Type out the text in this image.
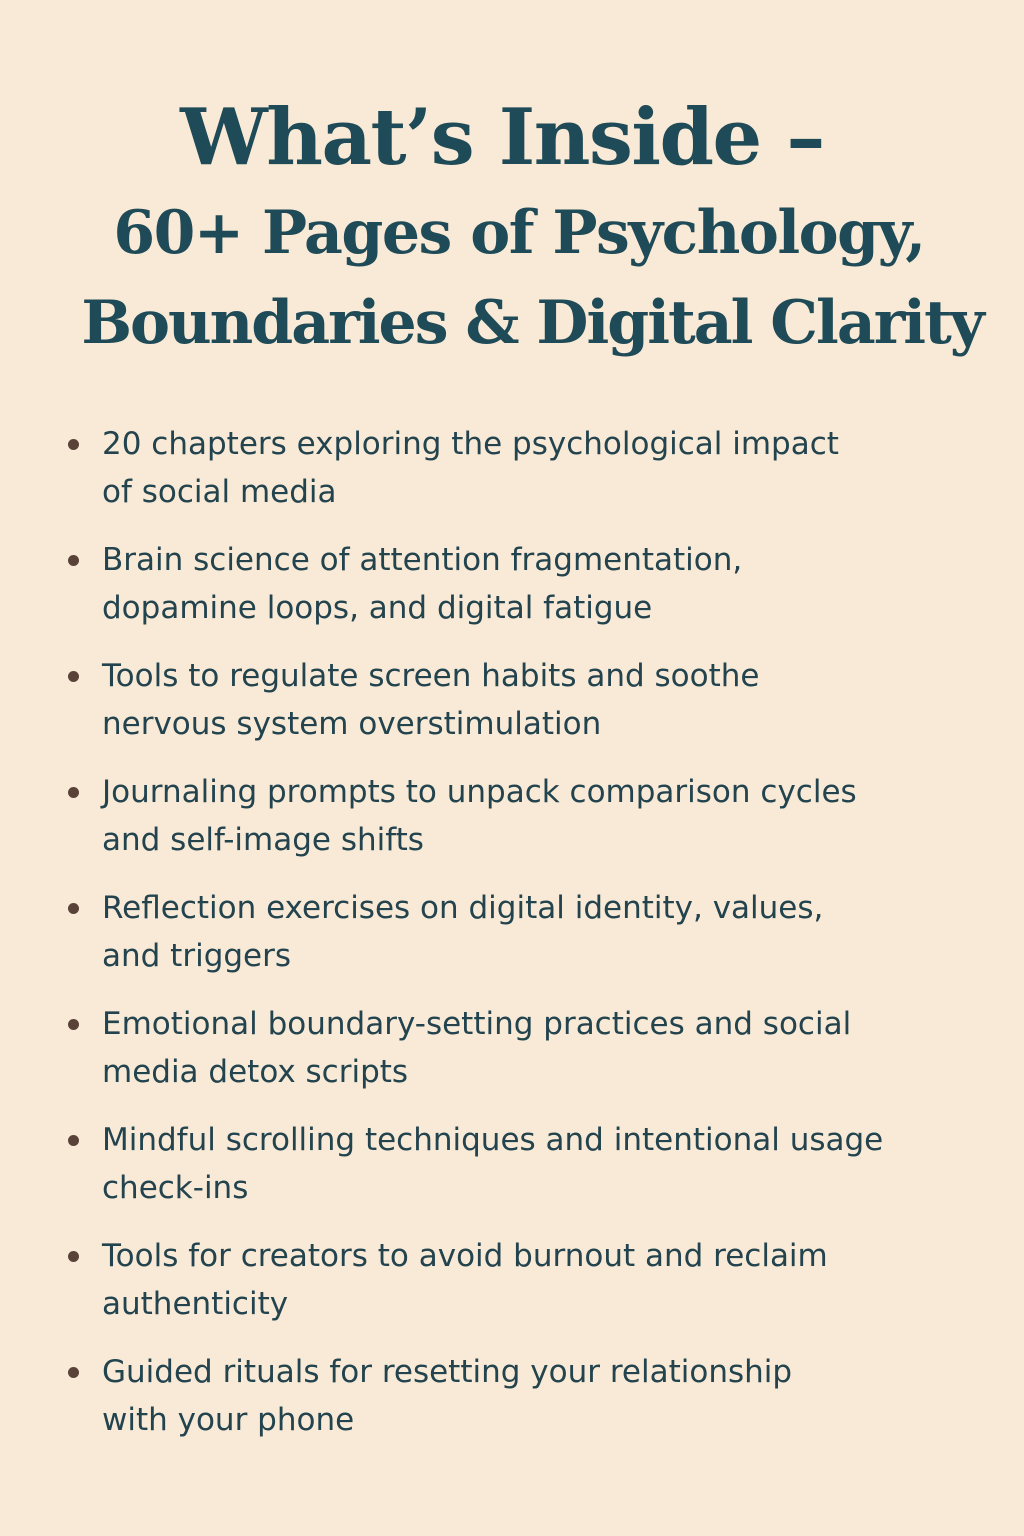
What’s Inside –
60+ Pages of Psychology,
Boundaries & Digital Clarity
20 chapters exploring the psychological impact
of social media
Brain science of attention fragmentation,
dopamine loops, and digital fatigue
Tools to regulate screen habits and soothe
nervous system overstimulation
Journaling prompts to unpack comparison cycles
and self-image shifts
Reflection exercises on digital identity, values,
and triggers
Emotional boundary-setting practices and social
media detox scripts
Mindful scrolling techniques and intentional usage
check-ins
Tools for creators to avoid burnout and reclaim
authenticity
Guided rituals for resetting your relationship
with your phone
